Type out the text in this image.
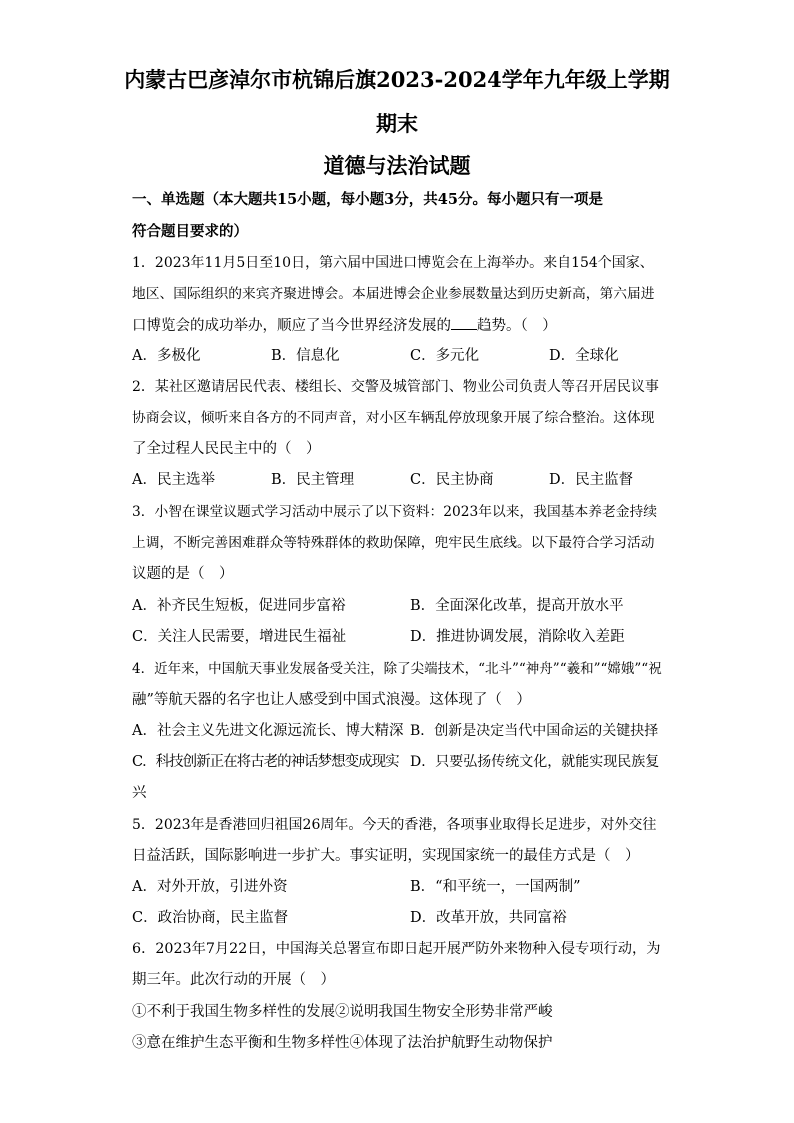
内蒙古巴彦淖尔市杭锦后旗2023-2024学年九年级上学期
期末
道德与法治试题
一、单选题（本大题共15小题，每小题3分，共45分。每小题只有一项是
符合题目要求的）
1．2023年11月5日至10日，第六届中国进口博览会在上海举办。来自154个国家、
地区、国际组织的来宾齐聚进博会。本届进博会企业参展数量达到历史新高，第六届进
口博览会的成功举办，顺应了当今世界经济发展的 趋势。（　）
A．多极化	B．信息化	C．多元化	D．全球化
2．某社区邀请居民代表、楼组长、交警及城管部门、物业公司负责人等召开居民议事
协商会议，倾听来自各方的不同声音，对小区车辆乱停放现象开展了综合整治。这体现
了全过程人民民主中的（　）
A．民主选举	B．民主管理	C．民主协商	D．民主监督
3．小智在课堂议题式学习活动中展示了以下资料：2023年以来，我国基本养老金持续
上调，不断完善困难群众等特殊群体的救助保障，兜牢民生底线。以下最符合学习活动
议题的是（　）
A．补齐民生短板，促进同步富裕	B．全面深化改革，提高开放水平
C．关注人民需要，增进民生福祉	D．推进协调发展，消除收入差距
4．近年来，中国航天事业发展备受关注，除了尖端技术，“北斗”“神舟”“羲和”“嫦娥”“祝
融”等航天器的名字也让人感受到中国式浪漫。这体现了（　）
A．社会主义先进文化源远流长、博大精深 B．创新是决定当代中国命运的关键抉择
C．科技创新正在将古老的神话梦想变成现实 D．只要弘扬传统文化，就能实现民族复
兴
5．2023年是香港回归祖国26周年。今天的香港，各项事业取得长足进步，对外交往
日益活跃，国际影响进一步扩大。事实证明，实现国家统一的最佳方式是（　）
A．对外开放，引进外资	B．“和平统一，一国两制”
C．政治协商，民主监督	D．改革开放，共同富裕
6．2023年7月22日，中国海关总署宣布即日起开展严防外来物种入侵专项行动，为
期三年。此次行动的开展（　）
①不利于我国生物多样性的发展②说明我国生物安全形势非常严峻
③意在维护生态平衡和生物多样性④体现了法治护航野生动物保护
